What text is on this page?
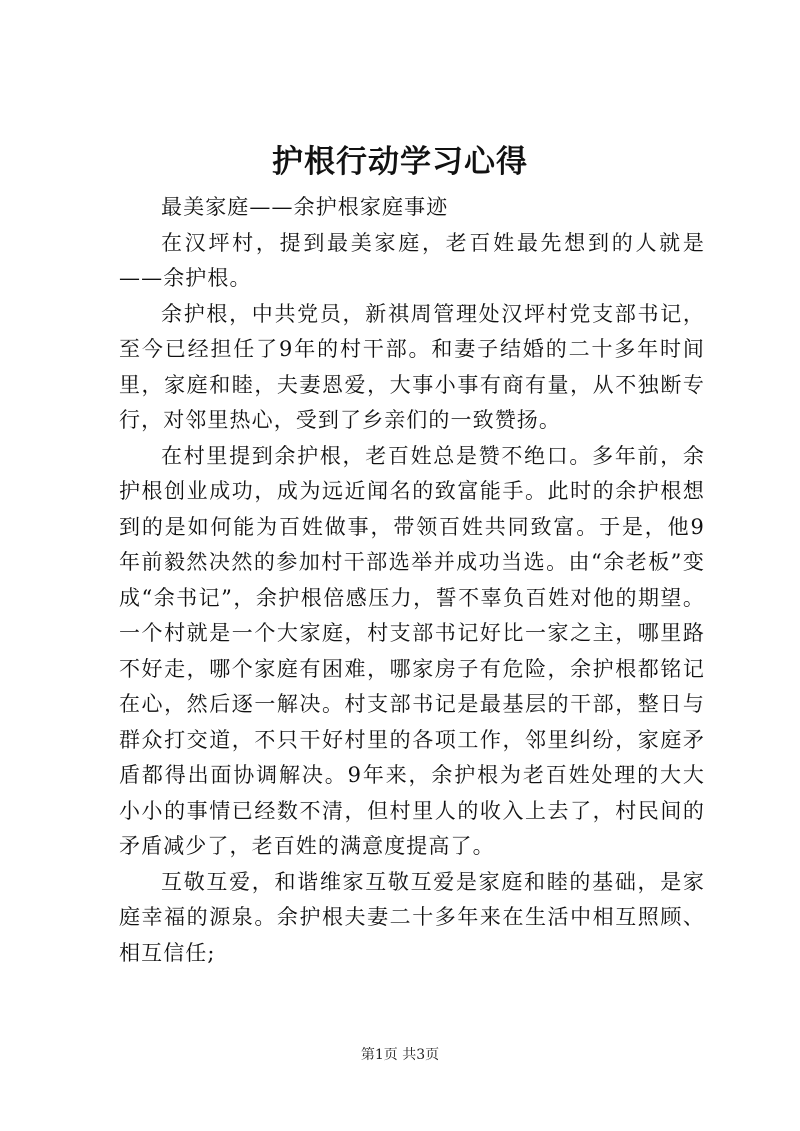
护根行动学习心得

最美家庭——余护根家庭事迹

在汉坪村，提到最美家庭，老百姓最先想到的人就是——余护根。

余护根，中共党员，新祺周管理处汉坪村党支部书记，至今已经担任了9年的村干部。和妻子结婚的二十多年时间里，家庭和睦，夫妻恩爱，大事小事有商有量，从不独断专行，对邻里热心，受到了乡亲们的一致赞扬。

在村里提到余护根，老百姓总是赞不绝口。多年前，余护根创业成功，成为远近闻名的致富能手。此时的余护根想到的是如何能为百姓做事，带领百姓共同致富。于是，他9年前毅然决然的参加村干部选举并成功当选。由“余老板”变成“余书记”，余护根倍感压力，誓不辜负百姓对他的期望。一个村就是一个大家庭，村支部书记好比一家之主，哪里路不好走，哪个家庭有困难，哪家房子有危险，余护根都铭记在心，然后逐一解决。村支部书记是最基层的干部，整日与群众打交道，不只干好村里的各项工作，邻里纠纷，家庭矛盾都得出面协调解决。9年来，余护根为老百姓处理的大大小小的事情已经数不清，但村里人的收入上去了，村民间的矛盾减少了，老百姓的满意度提高了。

互敬互爱，和谐维家互敬互爱是家庭和睦的基础，是家庭幸福的源泉。余护根夫妻二十多年来在生活中相互照顾、相互信任;

第1页 共3页
